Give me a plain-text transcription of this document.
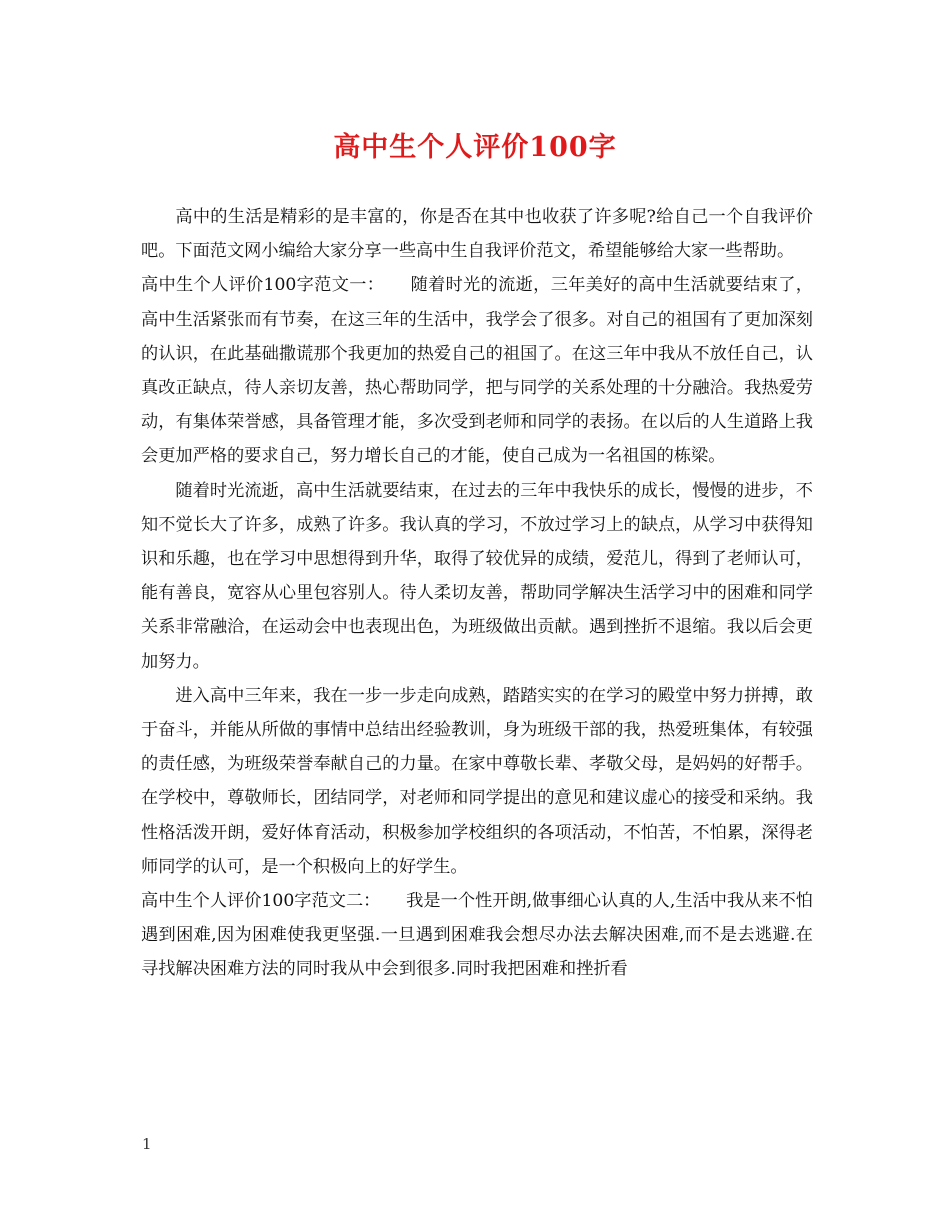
高中生个人评价100字

高中的生活是精彩的是丰富的，你是否在其中也收获了许多呢?给自己一个自我评价吧。下面范文网小编给大家分享一些高中生自我评价范文，希望能够给大家一些帮助。

高中生个人评价100字范文一：　　随着时光的流逝，三年美好的高中生活就要结束了，高中生活紧张而有节奏，在这三年的生活中，我学会了很多。对自己的祖国有了更加深刻的认识，在此基础撒谎那个我更加的热爱自己的祖国了。在这三年中我从不放任自己，认真改正缺点，待人亲切友善，热心帮助同学，把与同学的关系处理的十分融洽。我热爱劳动，有集体荣誉感，具备管理才能，多次受到老师和同学的表扬。在以后的人生道路上我会更加严格的要求自己，努力增长自己的才能，使自己成为一名祖国的栋梁。

随着时光流逝，高中生活就要结束，在过去的三年中我快乐的成长，慢慢的进步，不知不觉长大了许多，成熟了许多。我认真的学习，不放过学习上的缺点，从学习中获得知识和乐趣，也在学习中思想得到升华，取得了较优异的成绩，爱范儿，得到了老师认可，能有善良，宽容从心里包容别人。待人柔切友善，帮助同学解决生活学习中的困难和同学关系非常融洽，在运动会中也表现出色，为班级做出贡献。遇到挫折不退缩。我以后会更加努力。

进入高中三年来，我在一步一步走向成熟，踏踏实实的在学习的殿堂中努力拼搏，敢于奋斗，并能从所做的事情中总结出经验教训，身为班级干部的我，热爱班集体，有较强的责任感，为班级荣誉奉献自己的力量。在家中尊敬长辈、孝敬父母，是妈妈的好帮手。在学校中，尊敬师长，团结同学，对老师和同学提出的意见和建议虚心的接受和采纳。我性格活泼开朗，爱好体育活动，积极参加学校组织的各项活动，不怕苦，不怕累，深得老师同学的认可，是一个积极向上的好学生。

高中生个人评价100字范文二：　　我是一个性开朗,做事细心认真的人,生活中我从来不怕遇到困难,因为困难使我更坚强.一旦遇到困难我会想尽办法去解决困难,而不是去逃避.在寻找解决困难方法的同时我从中会到很多.同时我把困难和挫折看

1
